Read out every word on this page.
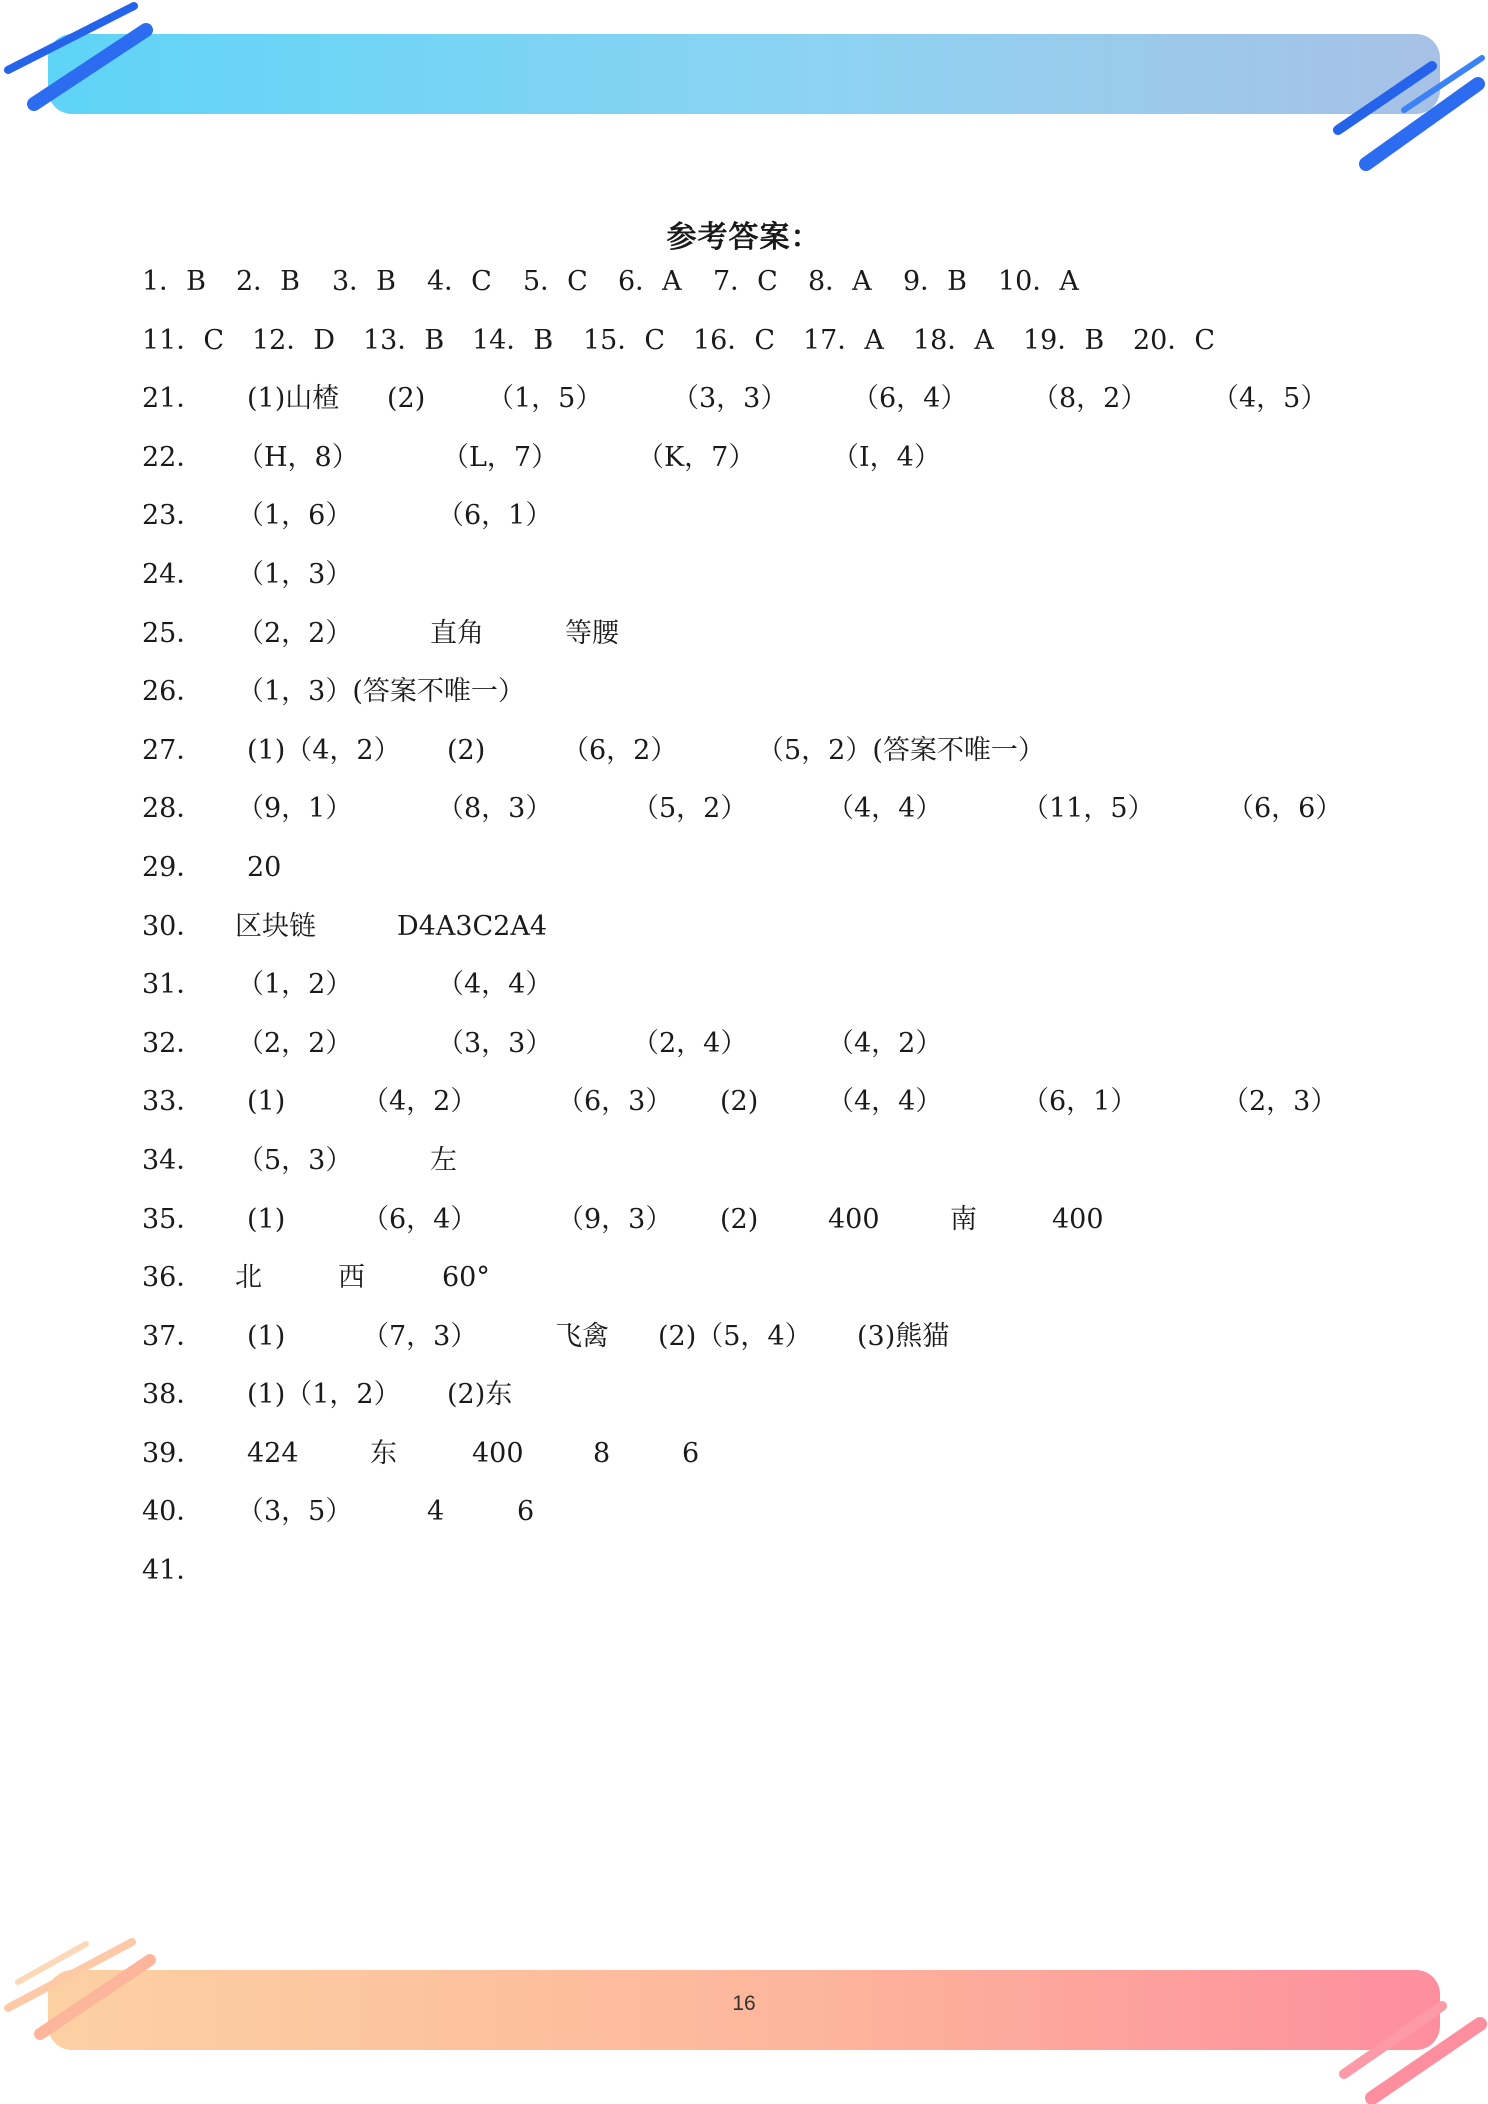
参考答案：
1．B 2．B 3．B 4．C 5．C 6．A 7．C 8．A 9．B 10．A
11．C 12．D 13．B 14．B 15．C 16．C 17．A 18．A 19．B 20．C
21． (1)山楂 (2) （1，5）	（3，3） （6，4） （8，2） （4，5）
22． （H，8）	（L，7）	（K，7）	（I，4）
23． （1，6）	（6，1）
24． （1，3）
25． （2，2）	直角	等腰
26． （1，3）(答案不唯一）
27． (1)（4，2） (2)	（6，2）	（5，2）(答案不唯一）
28． （9，1）	（8，3）	（5，2）	（4，4）	（11，5）	（6，6）
29． 20
30． 区块链	D4A3C2A4
31． （1，2）	（4，4）
32． （2，2）	（3，3）	（2，4）	（4，2）
33． (1)	（4，2）	（6，3） (2)	（4，4）	（6，1）	（2，3）
34． （5，3）	左
35． (1)	（6，4）	（9，3） (2)	400	南	400
36． 北	西	60°
37． (1)	（7，3）	飞禽 (2)（5，4） (3)熊猫
38． (1)（1，2） (2)东
39． 424	东	400	8	6
40． （3，5）	4	6
41．
16
